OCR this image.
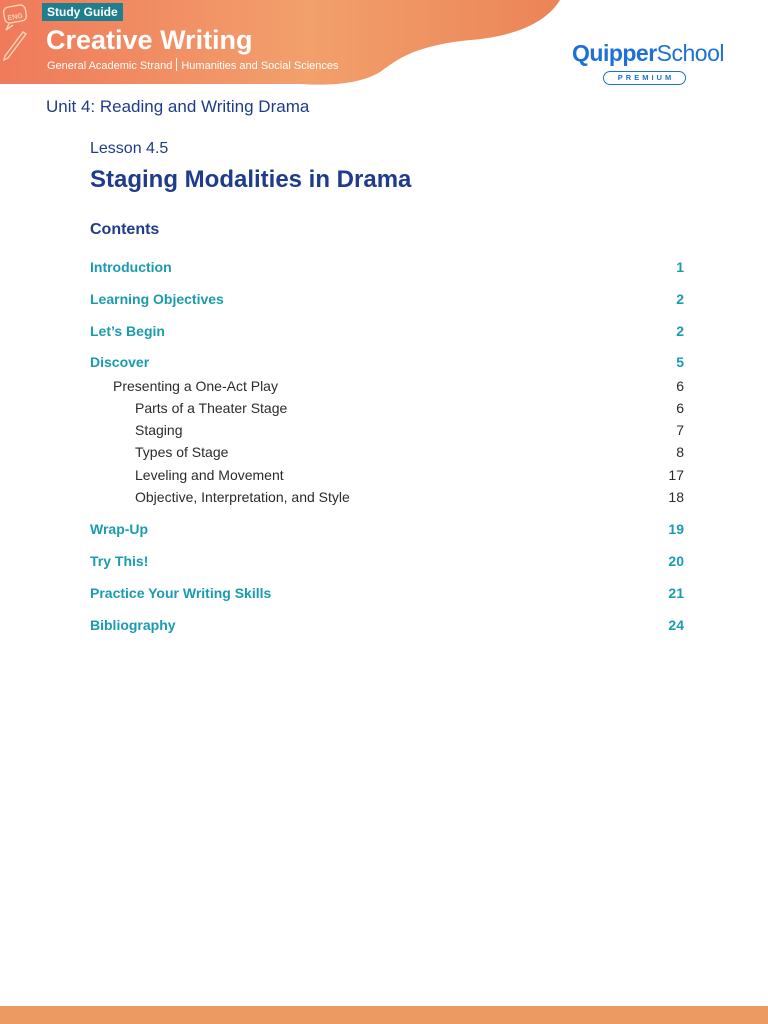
ENG	Study Guide
Creative Writing
General Academic Strand Humanities and Social Sciences	QuipperSchool
PREMIUM
Unit 4: Reading and Writing Drama
Lesson 4.5
Staging Modalities in Drama
Contents
Introduction	1
Learning Objectives	2
Let’s Begin	2
Discover	5
Presenting a One-Act Play	6
Parts of a Theater Stage	6
Staging	7
Types of Stage	8
Leveling and Movement	17
Objective, Interpretation, and Style	18
Wrap-Up	19
Try This!	20
Practice Your Writing Skills	21
Bibliography	24
